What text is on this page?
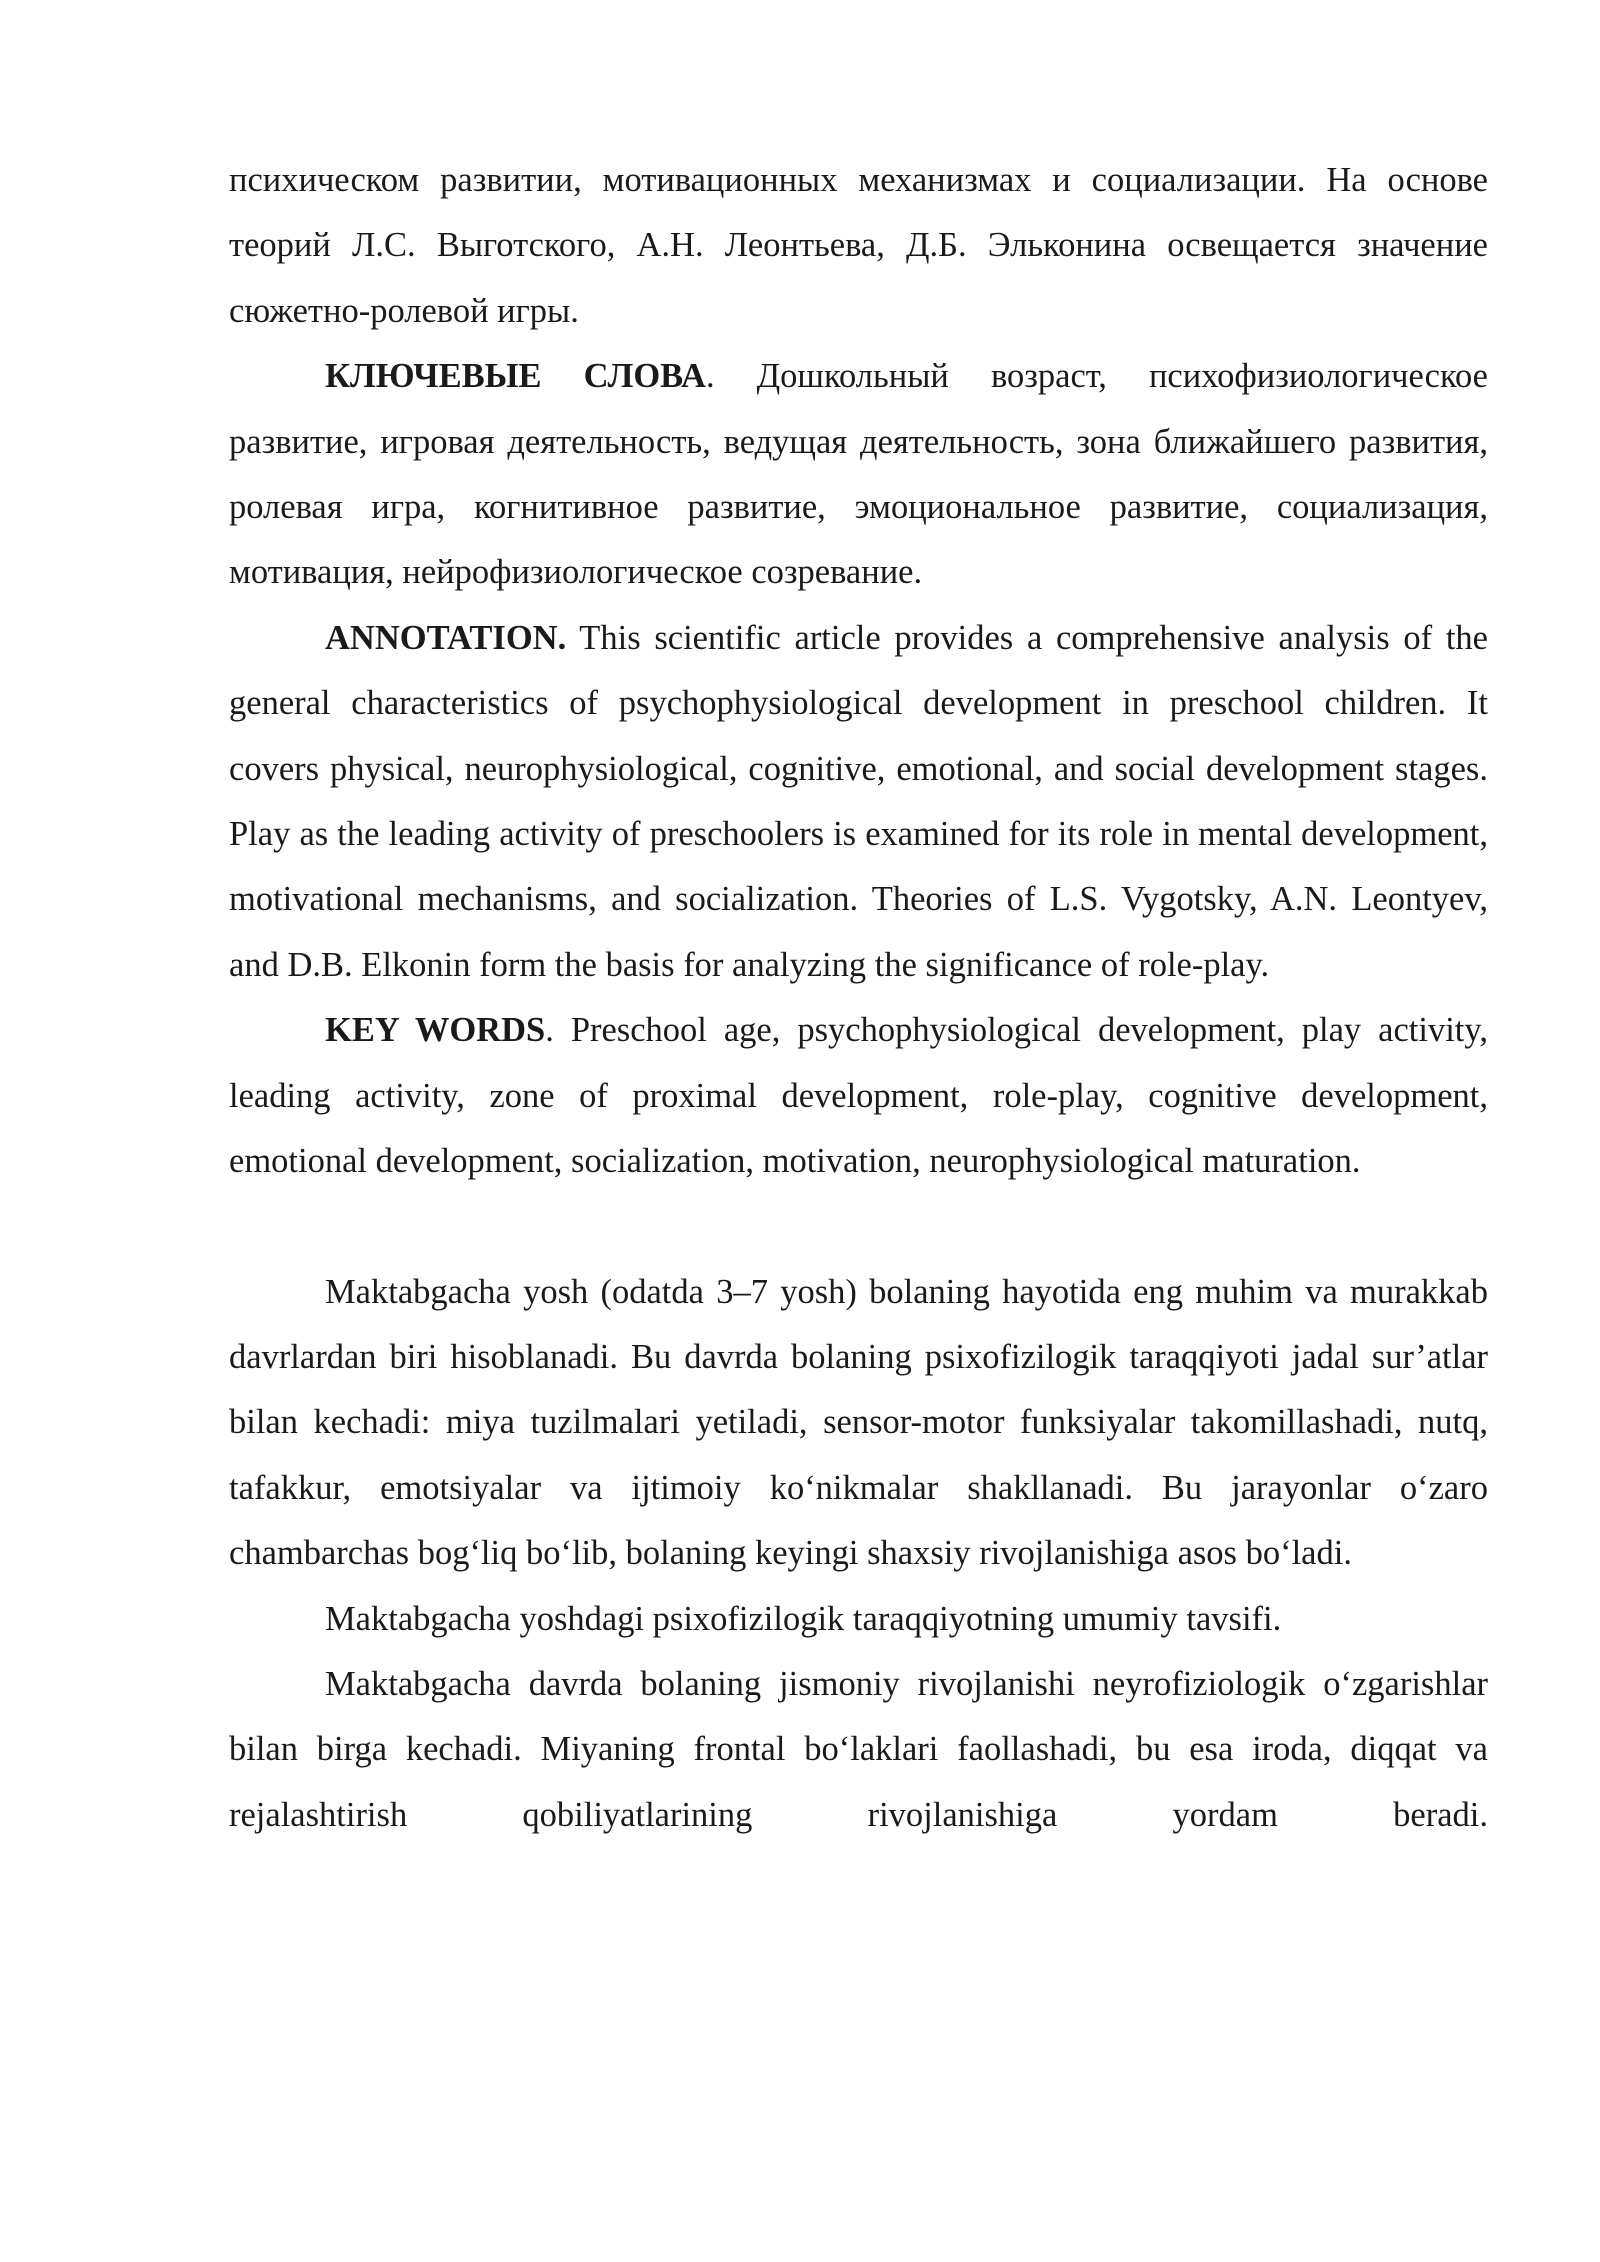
психическом развитии, мотивационных механизмах и социализации. На основе теорий Л.С. Выготского, А.Н. Леонтьева, Д.Б. Эльконина освещается значение сюжетно-ролевой игры.

КЛЮЧЕВЫЕ СЛОВА. Дошкольный возраст, психофизиологическое развитие, игровая деятельность, ведущая деятельность, зона ближайшего развития, ролевая игра, когнитивное развитие, эмоциональное развитие, социализация, мотивация, нейрофизиологическое созревание.

ANNOTATION. This scientific article provides a comprehensive analysis of the general characteristics of psychophysiological development in preschool children. It covers physical, neurophysiological, cognitive, emotional, and social development stages. Play as the leading activity of preschoolers is examined for its role in mental development, motivational mechanisms, and socialization. Theories of L.S. Vygotsky, A.N. Leontyev, and D.B. Elkonin form the basis for analyzing the significance of role-play.

KEY WORDS. Preschool age, psychophysiological development, play activity, leading activity, zone of proximal development, role-play, cognitive development, emotional development, socialization, motivation, neurophysiological maturation.

Maktabgacha yosh (odatda 3–7 yosh) bolaning hayotida eng muhim va murakkab davrlardan biri hisoblanadi. Bu davrda bolaning psixofizilogik taraqqiyoti jadal sur’atlar bilan kechadi: miya tuzilmalari yetiladi, sensor-motor funksiyalar takomillashadi, nutq, tafakkur, emotsiyalar va ijtimoiy ko‘nikmalar shakllanadi. Bu jarayonlar o‘zaro chambarchas bog‘liq bo‘lib, bolaning keyingi shaxsiy rivojlanishiga asos bo‘ladi.

Maktabgacha yoshdagi psixofizilogik taraqqiyotning umumiy tavsifi.

Maktabgacha davrda bolaning jismoniy rivojlanishi neyrofiziologik o‘zgarishlar bilan birga kechadi. Miyaning frontal bo‘laklari faollashadi, bu esa iroda, diqqat va rejalashtirish qobiliyatlarining rivojlanishiga yordam beradi.
